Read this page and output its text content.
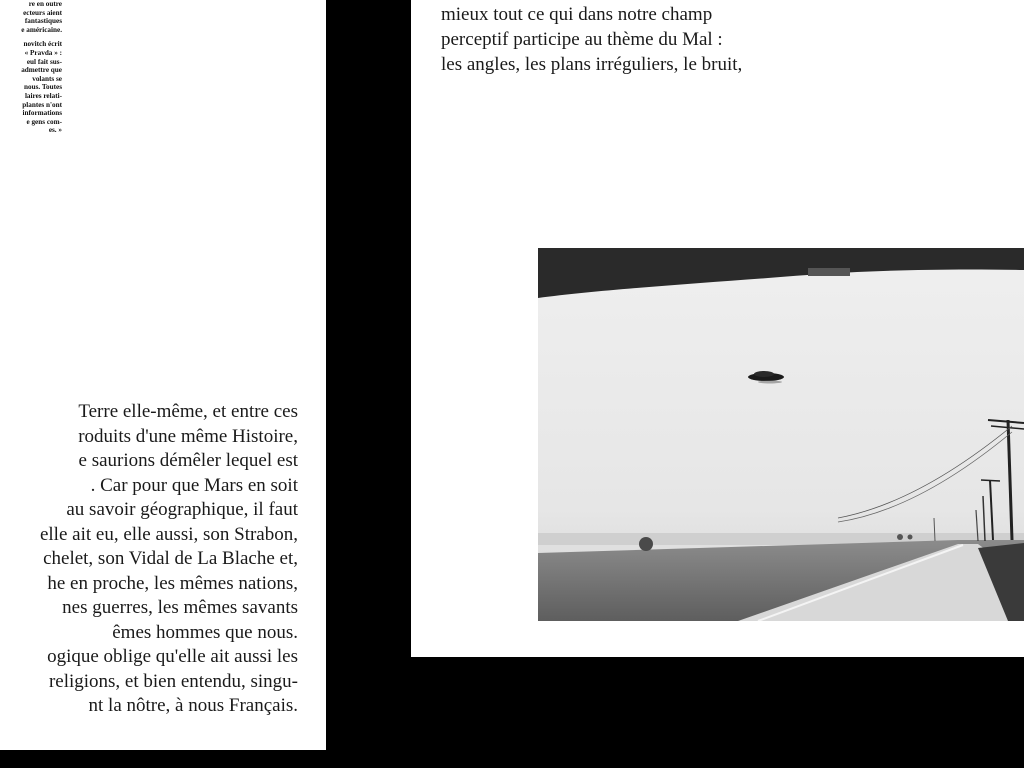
re en outre
ecteurs aient
fantastiques
e américaine.
novitch écrit
« Pravda » :
eul fait sus-
admettre que
volants se
nous. Toutes
laires relati-
plantes n'ont
informations
e gens com-
es. »
Terre elle-même, et entre ces
roduits d'une même Histoire,
e saurions démêler lequel est
. Car pour que Mars en soit
au savoir géographique, il faut
elle ait eu, elle aussi, son Strabon,
chelet, son Vidal de La Blache et,
he en proche, les mêmes nations,
nes guerres, les mêmes savants
êmes hommes que nous.
ogique oblige qu'elle ait aussi les
religions, et bien entendu, singu-
nt la nôtre, à nous Français.
mieux tout ce qui dans notre champ
perceptif participe au thème du Mal :
les angles, les plans irréguliers, le bruit,
